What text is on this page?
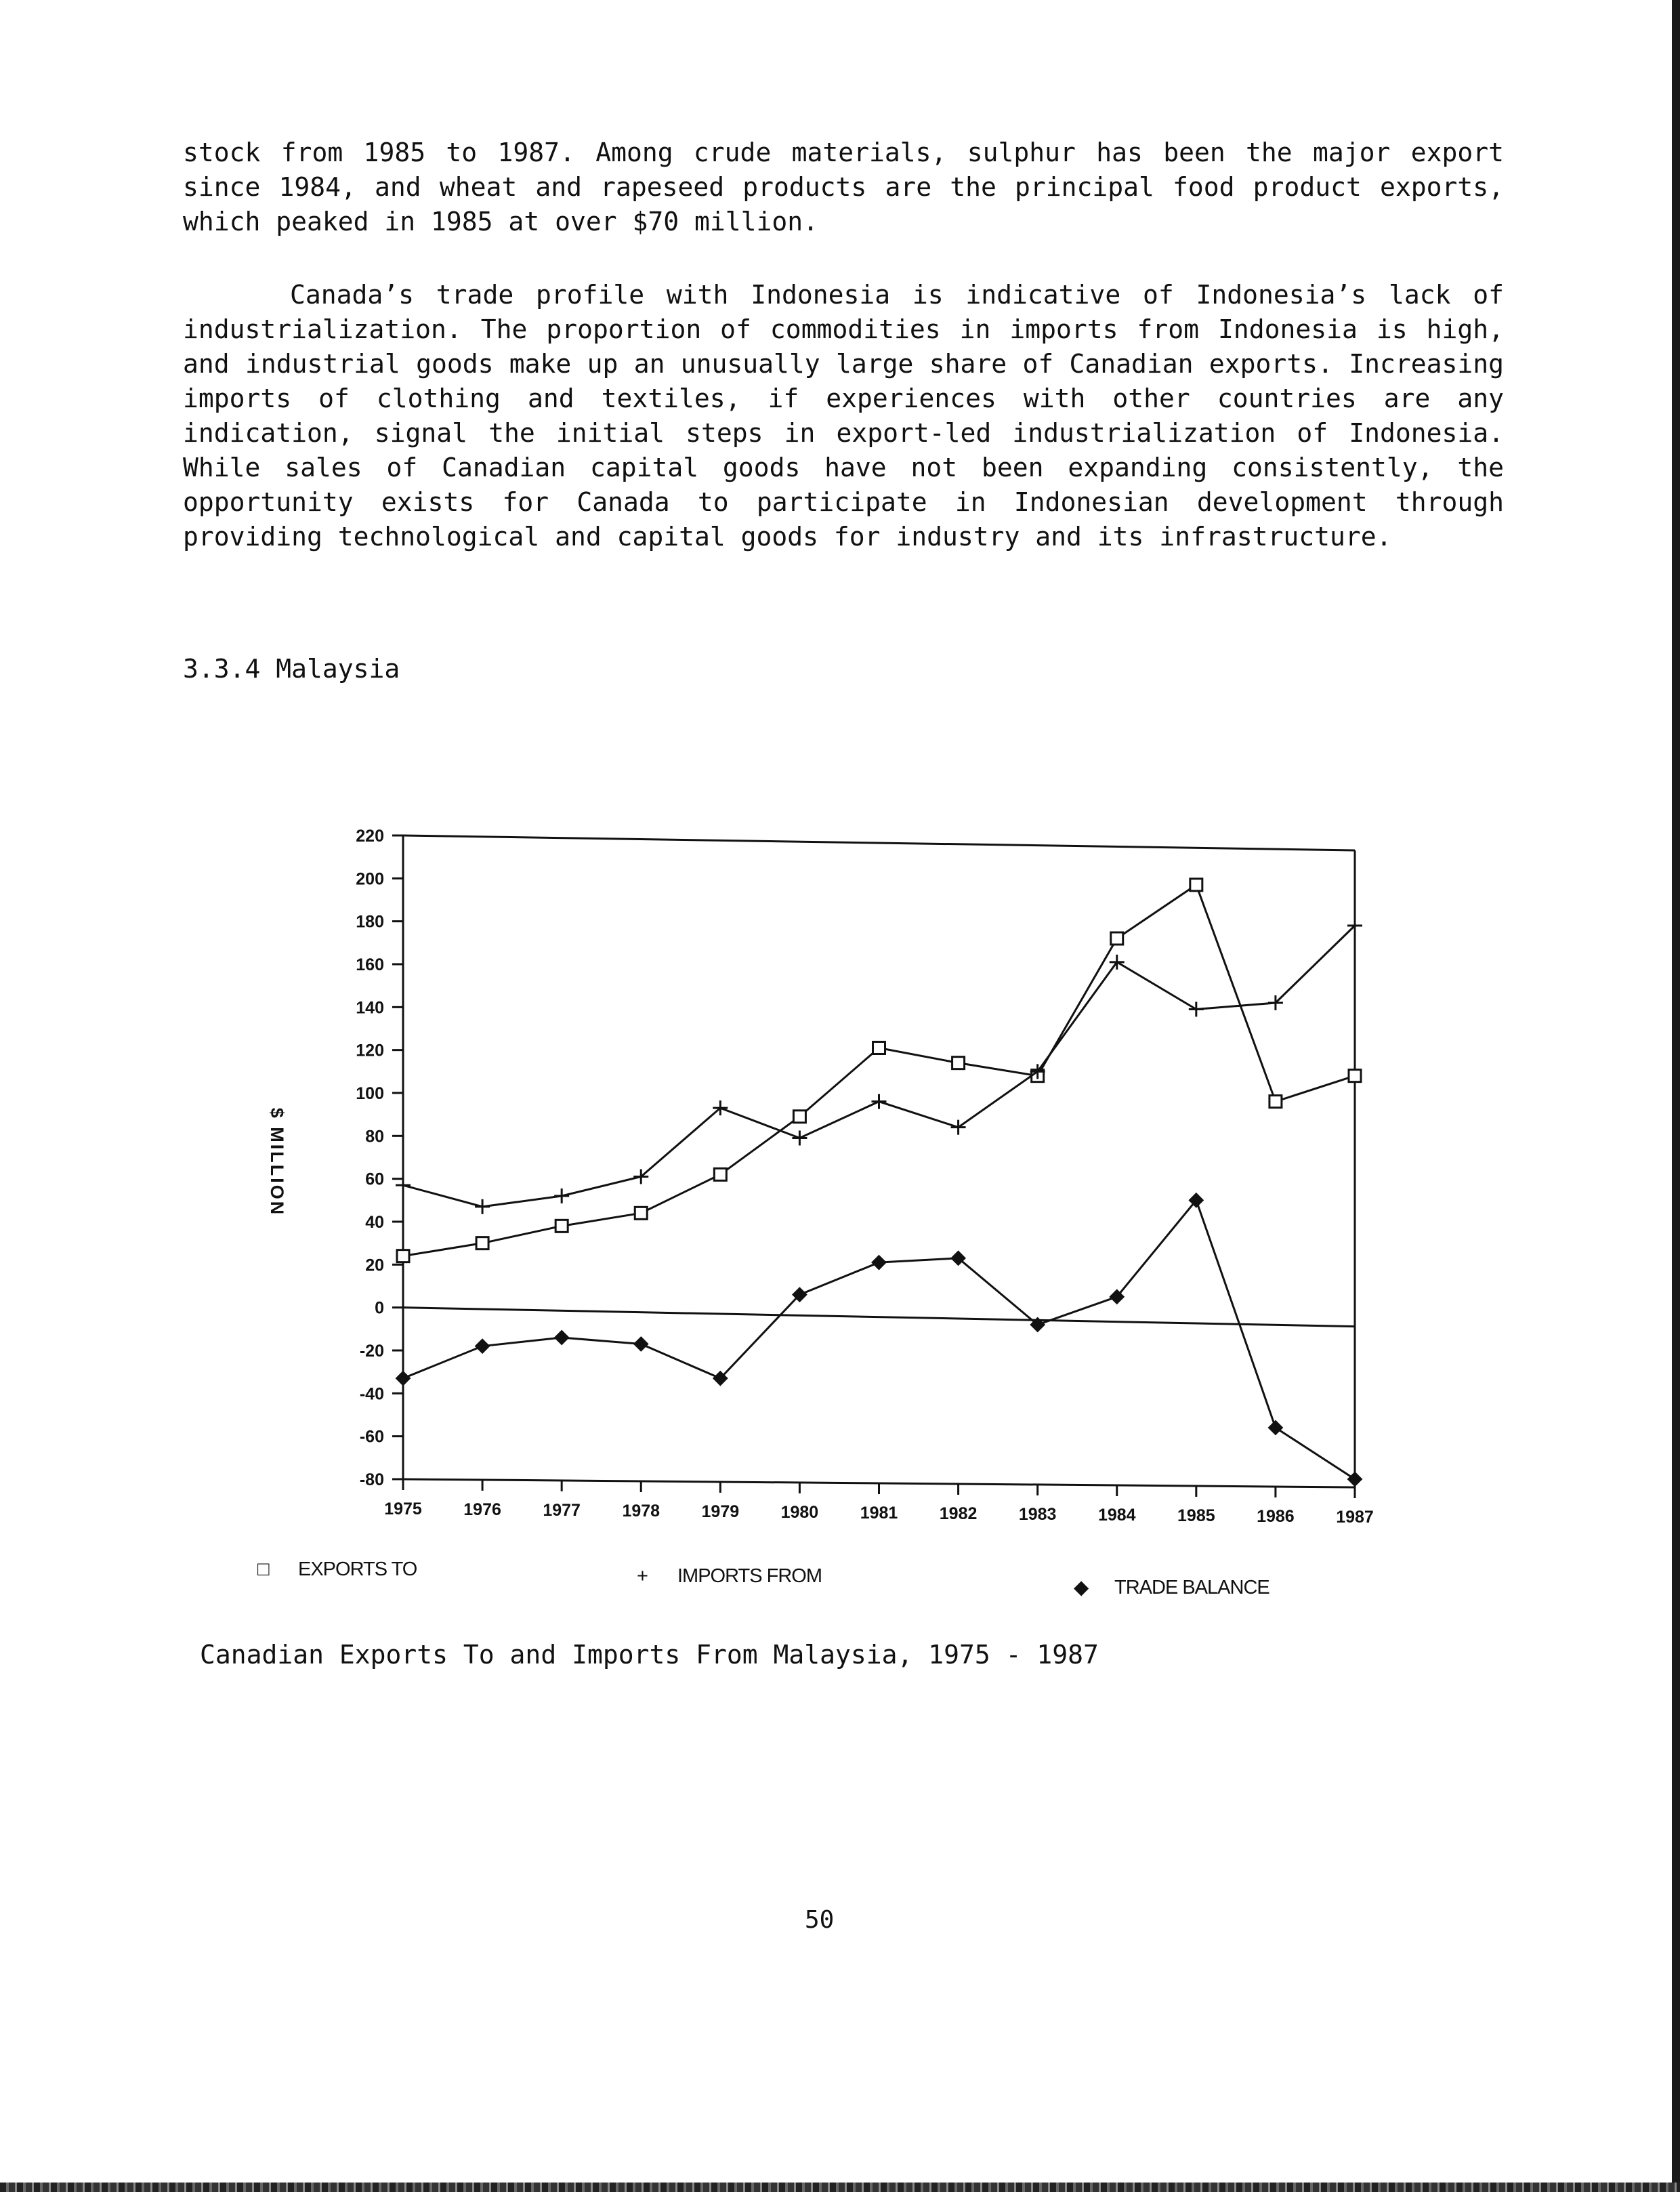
stock from 1985 to 1987. Among crude materials, sulphur has been the major export since 1984, and wheat and rapeseed products are the principal food product exports, which peaked in 1985 at over $70 million.

Canada’s trade profile with Indonesia is indicative of Indonesia’s lack of industrialization. The proportion of commodities in imports from Indonesia is high, and industrial goods make up an unusually large share of Canadian exports. Increasing imports of clothing and textiles, if experiences with other countries are any indication, signal the initial steps in export-led industrialization of Indonesia. While sales of Canadian capital goods have not been expanding consistently, the opportunity exists for Canada to participate in Indonesian development through providing technological and capital goods for industry and its infrastructure.

3.3.4 Malaysia
220
200
180
160
140
120
100
80
60
40
20
0
-20
-40
-60
-80
1975 1976 1977 1978 1979 1980 1981 1982 1983 1984 1985 1986 1987
$ MILLION
□ EXPORTS TO	+ IMPORTS FROM
◆ TRADE BALANCE

Canadian Exports To and Imports From Malaysia, 1975 - 1987

50
